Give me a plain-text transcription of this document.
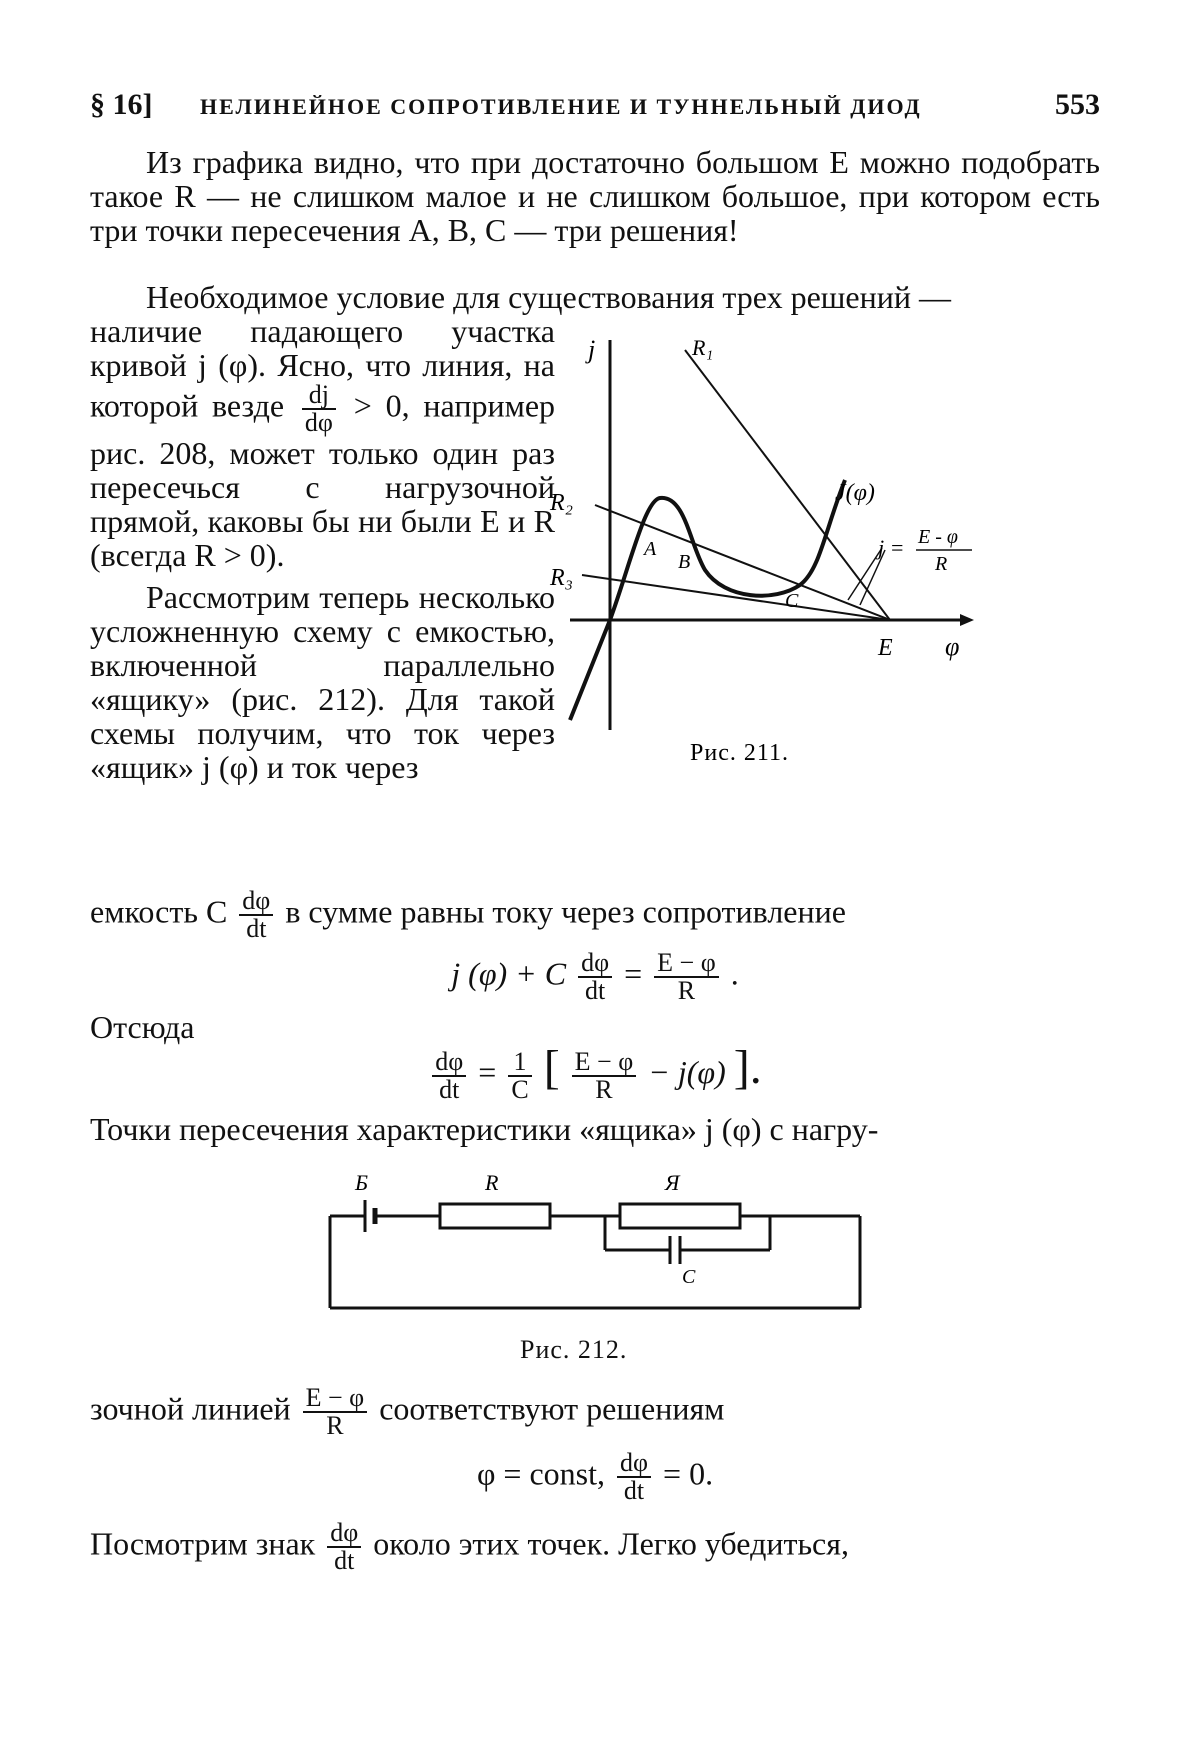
§ 16] НЕЛИНЕЙНОЕ СОПРОТИВЛЕНИЕ И ТУННЕЛЬНЫЙ ДИОД	553
Из графика видно, что при достаточно большом E можно подобрать такое R — не слишком малое и не слишком большое, при котором есть три точки пересечения A, B, C — три решения!
Необходимое условие для существования трех решений —
наличие падающего участка кривой j (φ). Ясно, что линия, на которой везде $\frac{dj}{d\varphi} > 0$, например рис. 208, может только один раз пересечься с нагрузочной прямой, каковы бы ни были E и R (всегда R > 0).
Рассмотрим теперь несколько усложненную схему с емкостью, включенной параллельно «ящику» (рис. 212). Для такой схемы получим, что ток через «ящик» j (φ) и ток через
j	R₁
R₂
R₃
A
B
C
J(φ)
j = E - φ
R
E φ
Рис. 211.
емкость C $\frac{d\varphi}{dt}$ в сумме равны току через сопротивление
j (φ) + C $\frac{d\varphi}{dt} = \frac{E - \varphi}{R}$ .
Отсюда
$\frac{d\varphi}{dt} = \frac{1}{C}$ [ $\frac{E - \varphi}{R} - j(\varphi)$ ].
Точки пересечения характеристики «ящика» j (φ) с нагру-
Б	R	Я
C
Рис. 212.
зочной линией $\frac{E - \varphi}{R}$ соответствуют решениям
φ = const, $\frac{d\varphi}{dt} = 0$.
Посмотрим знак $\frac{d\varphi}{dt}$ около этих точек. Легко убедиться,
